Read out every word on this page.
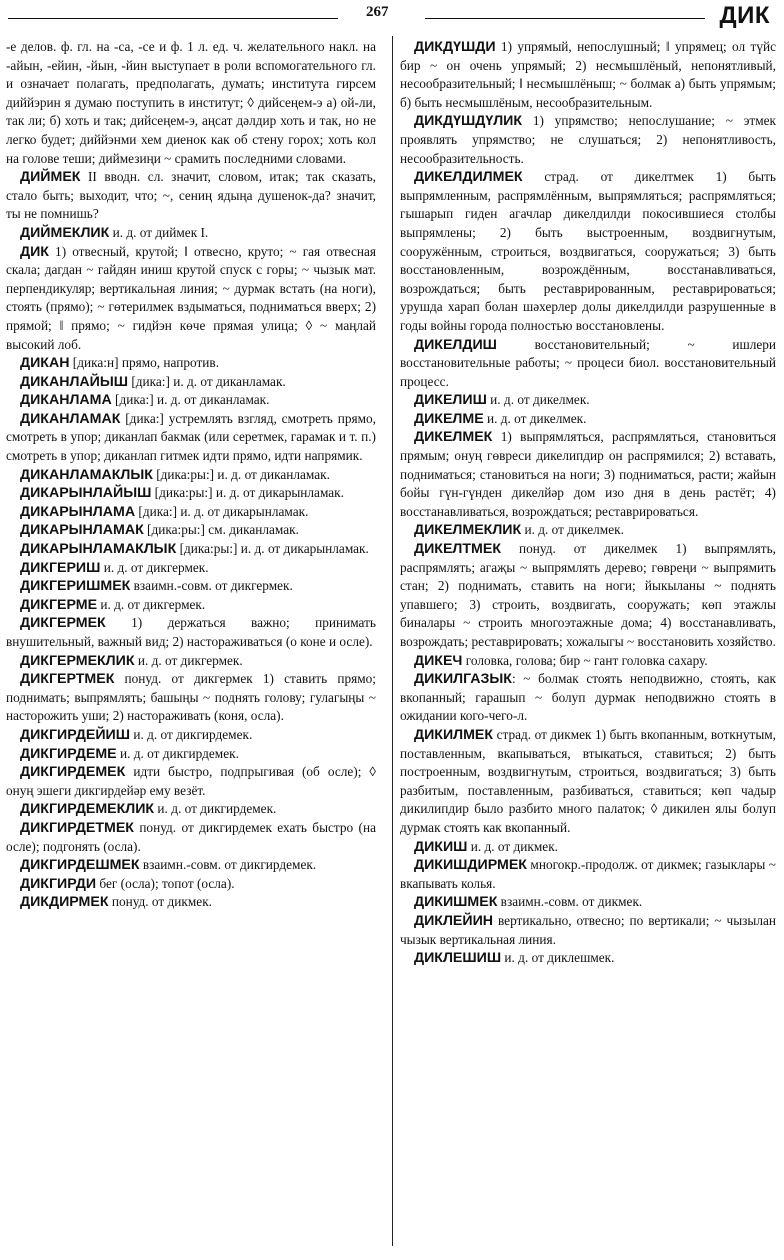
267	ДИК

-е делов. ф. гл. на -са, -се и ф. 1 л. ед. ч. желательного накл. на -айын, -ейин, -йын, -йин выступает в роли вспомогательного гл. и означает полагать, предполагать, думать; института гирсем диййэрин я думаю поступить в институт; ◊ дийсеңем-э а) ой-ли, так ли; б) хоть и так; дийсеңем-э, аңсат дәлдир хоть и так, но не легко будет; диййэнми хем диенок как об стену горох; хоть кол на голове теши; диймезиңи ~ срамить последними словами.

ДИЙМЕК II вводн. сл. значит, словом, итак; так сказать, стало быть; выходит, что; ~, сениң ядыңа душенок-да? значит, ты не помнишь?

ДИЙМЕКЛИК и. д. от диймек I.

ДИК 1) отвесный, крутой; ‖ отвесно, круто; ~ гая отвесная скала; дагдан ~ гайдян иниш крутой спуск с горы; ~ чызык мат. перпендикуляр; вертикальная линия; ~ дурмак встать (на ноги), стоять (прямо); ~ гөтерилмек вздыматься, подниматься вверх; 2) прямой; ‖ прямо; ~ гидйэн көче прямая улица; ◊ ~ маңлай высокий лоб.

ДИКАН [дика:н] прямо, напротив.

ДИКАНЛАЙЫШ [дика:] и. д. от диканламак.

ДИКАНЛАМА [дика:] и. д. от диканламак.

ДИКАНЛАМАК [дика:] устремлять взгляд, смотреть прямо, смотреть в упор; диканлап бакмак (или серетмек, гарамак и т. п.) смотреть в упор; диканлап гитмек идти прямо, идти напрямик.

ДИКАНЛАМАКЛЫК [дика:ры:] и. д. от диканламак.

ДИКАРЫНЛАЙЫШ [дика:ры:] и. д. от дикарынламак.

ДИКАРЫНЛАМА [дика:] и. д. от дикарынламак.

ДИКАРЫНЛАМАК [дика:ры:] см. диканламак.

ДИКАРЫНЛАМАКЛЫК [дика:ры:] и. д. от дикарынламак.

ДИКГЕРИШ и. д. от дикгермек.

ДИКГЕРИШМЕК взаимн.-совм. от дикгермек.

ДИКГЕРМЕ и. д. от дикгермек.

ДИКГЕРМЕК 1) держаться важно; принимать внушительный, важный вид; 2) настораживаться (о коне и осле).

ДИКГЕРМЕКЛИК и. д. от дикгермек.

ДИКГЕРТМЕК понуд. от дикгермек 1) ставить прямо; поднимать; выпрямлять; башыңы ~ поднять голову; гулагыңы ~ насторожить уши; 2) настораживать (коня, осла).

ДИКГИРДЕЙИШ и. д. от дикгирдемек.

ДИКГИРДЕМЕ и. д. от дикгирдемек.

ДИКГИРДЕМЕК идти быстро, подпрыгивая (об осле); ◊ онуң эшеги дикгирдейәр ему везёт.

ДИКГИРДЕМЕКЛИК и. д. от дикгирдемек.

ДИКГИРДЕТМЕК понуд. от дикгирдемек ехать быстро (на осле); подгонять (осла).

ДИКГИРДЕШМЕК взаимн.-совм. от дикгирдемек.

ДИКГИРДИ бег (осла); топот (осла).

ДИКДИРМЕК понуд. от дикмек.

ДИКДҮШДИ 1) упрямый, непослушный; ‖ упрямец; ол түйс бир ~ он очень упрямый; 2) несмышлёный, непонятливый, несообразительный; ‖ несмышлёныш; ~ болмак а) быть упрямым; б) быть несмышлёным, несообразительным.

ДИКДҮШДҮЛИК 1) упрямство; непослушание; ~ этмек проявлять упрямство; не слушаться; 2) непонятливость, несообразительность.

ДИКЕЛДИЛМЕК страд. от дикелтмек 1) быть выпрямленным, распрямлённым, выпрямляться; распрямляться; гышарып гиден агачлар дикелдилди покосившиеся столбы выпрямлены; 2) быть выстроенным, воздвигнутым, сооружённым, строиться, воздвигаться, сооружаться; 3) быть восстановленным, возрождённым, восстанавливаться, возрождаться; быть реставрированным, реставрироваться; урушда харап болан шәхерлер долы дикелдилди разрушенные в годы войны города полностью восстановлены.

ДИКЕЛДИШ восстановительный; ~ ишлери восстановительные работы; ~ процеси биол. восстановительный процесс.

ДИКЕЛИШ и. д. от дикелмек.

ДИКЕЛМЕ и. д. от дикелмек.

ДИКЕЛМЕК 1) выпрямляться, распрямляться, становиться прямым; онуң гөвреси дикелипдир он распрямился; 2) вставать, подниматься; становиться на ноги; 3) подниматься, расти; жайын бойы гүн-гүнден дикелйәр дом изо дня в день растёт; 4) восстанавливаться, возрождаться; реставрироваться.

ДИКЕЛМЕКЛИК и. д. от дикелмек.

ДИКЕЛТМЕК понуд. от дикелмек 1) выпрямлять, распрямлять; агаҗы ~ выпрямлять дерево; гөвреңи ~ выпрямить стан; 2) поднимать, ставить на ноги; йыкыланы ~ поднять упавшего; 3) строить, воздвигать, сооружать; көп этажлы биналары ~ строить многоэтажные дома; 4) восстанавливать, возрождать; реставрировать; хожалыгы ~ восстановить хозяйство.

ДИКЕЧ головка, голова; бир ~ гант головка сахару.

ДИКИЛГАЗЫК: ~ болмак стоять неподвижно, стоять, как вкопанный; гарашып ~ болуп дурмак неподвижно стоять в ожидании кого-чего-л.

ДИКИЛМЕК страд. от дикмек 1) быть вкопанным, воткнутым, поставленным, вкапываться, втыкаться, ставиться; 2) быть построенным, воздвигнутым, строиться, воздвигаться; 3) быть разбитым, поставленным, разбиваться, ставиться; көп чадыр дикилипдир было разбито много палаток; ◊ дикилен ялы болуп дурмак стоять как вкопанный.

ДИКИШ и. д. от дикмек.

ДИКИШДИРМЕК многокр.-продолж. от дикмек; газыклары ~ вкапывать колья.

ДИКИШМЕК взаимн.-совм. от дикмек.

ДИКЛЕЙИН вертикально, отвесно; по вертикали; ~ чызылан чызык вертикальная линия.

ДИКЛЕШИШ и. д. от диклешмек.
